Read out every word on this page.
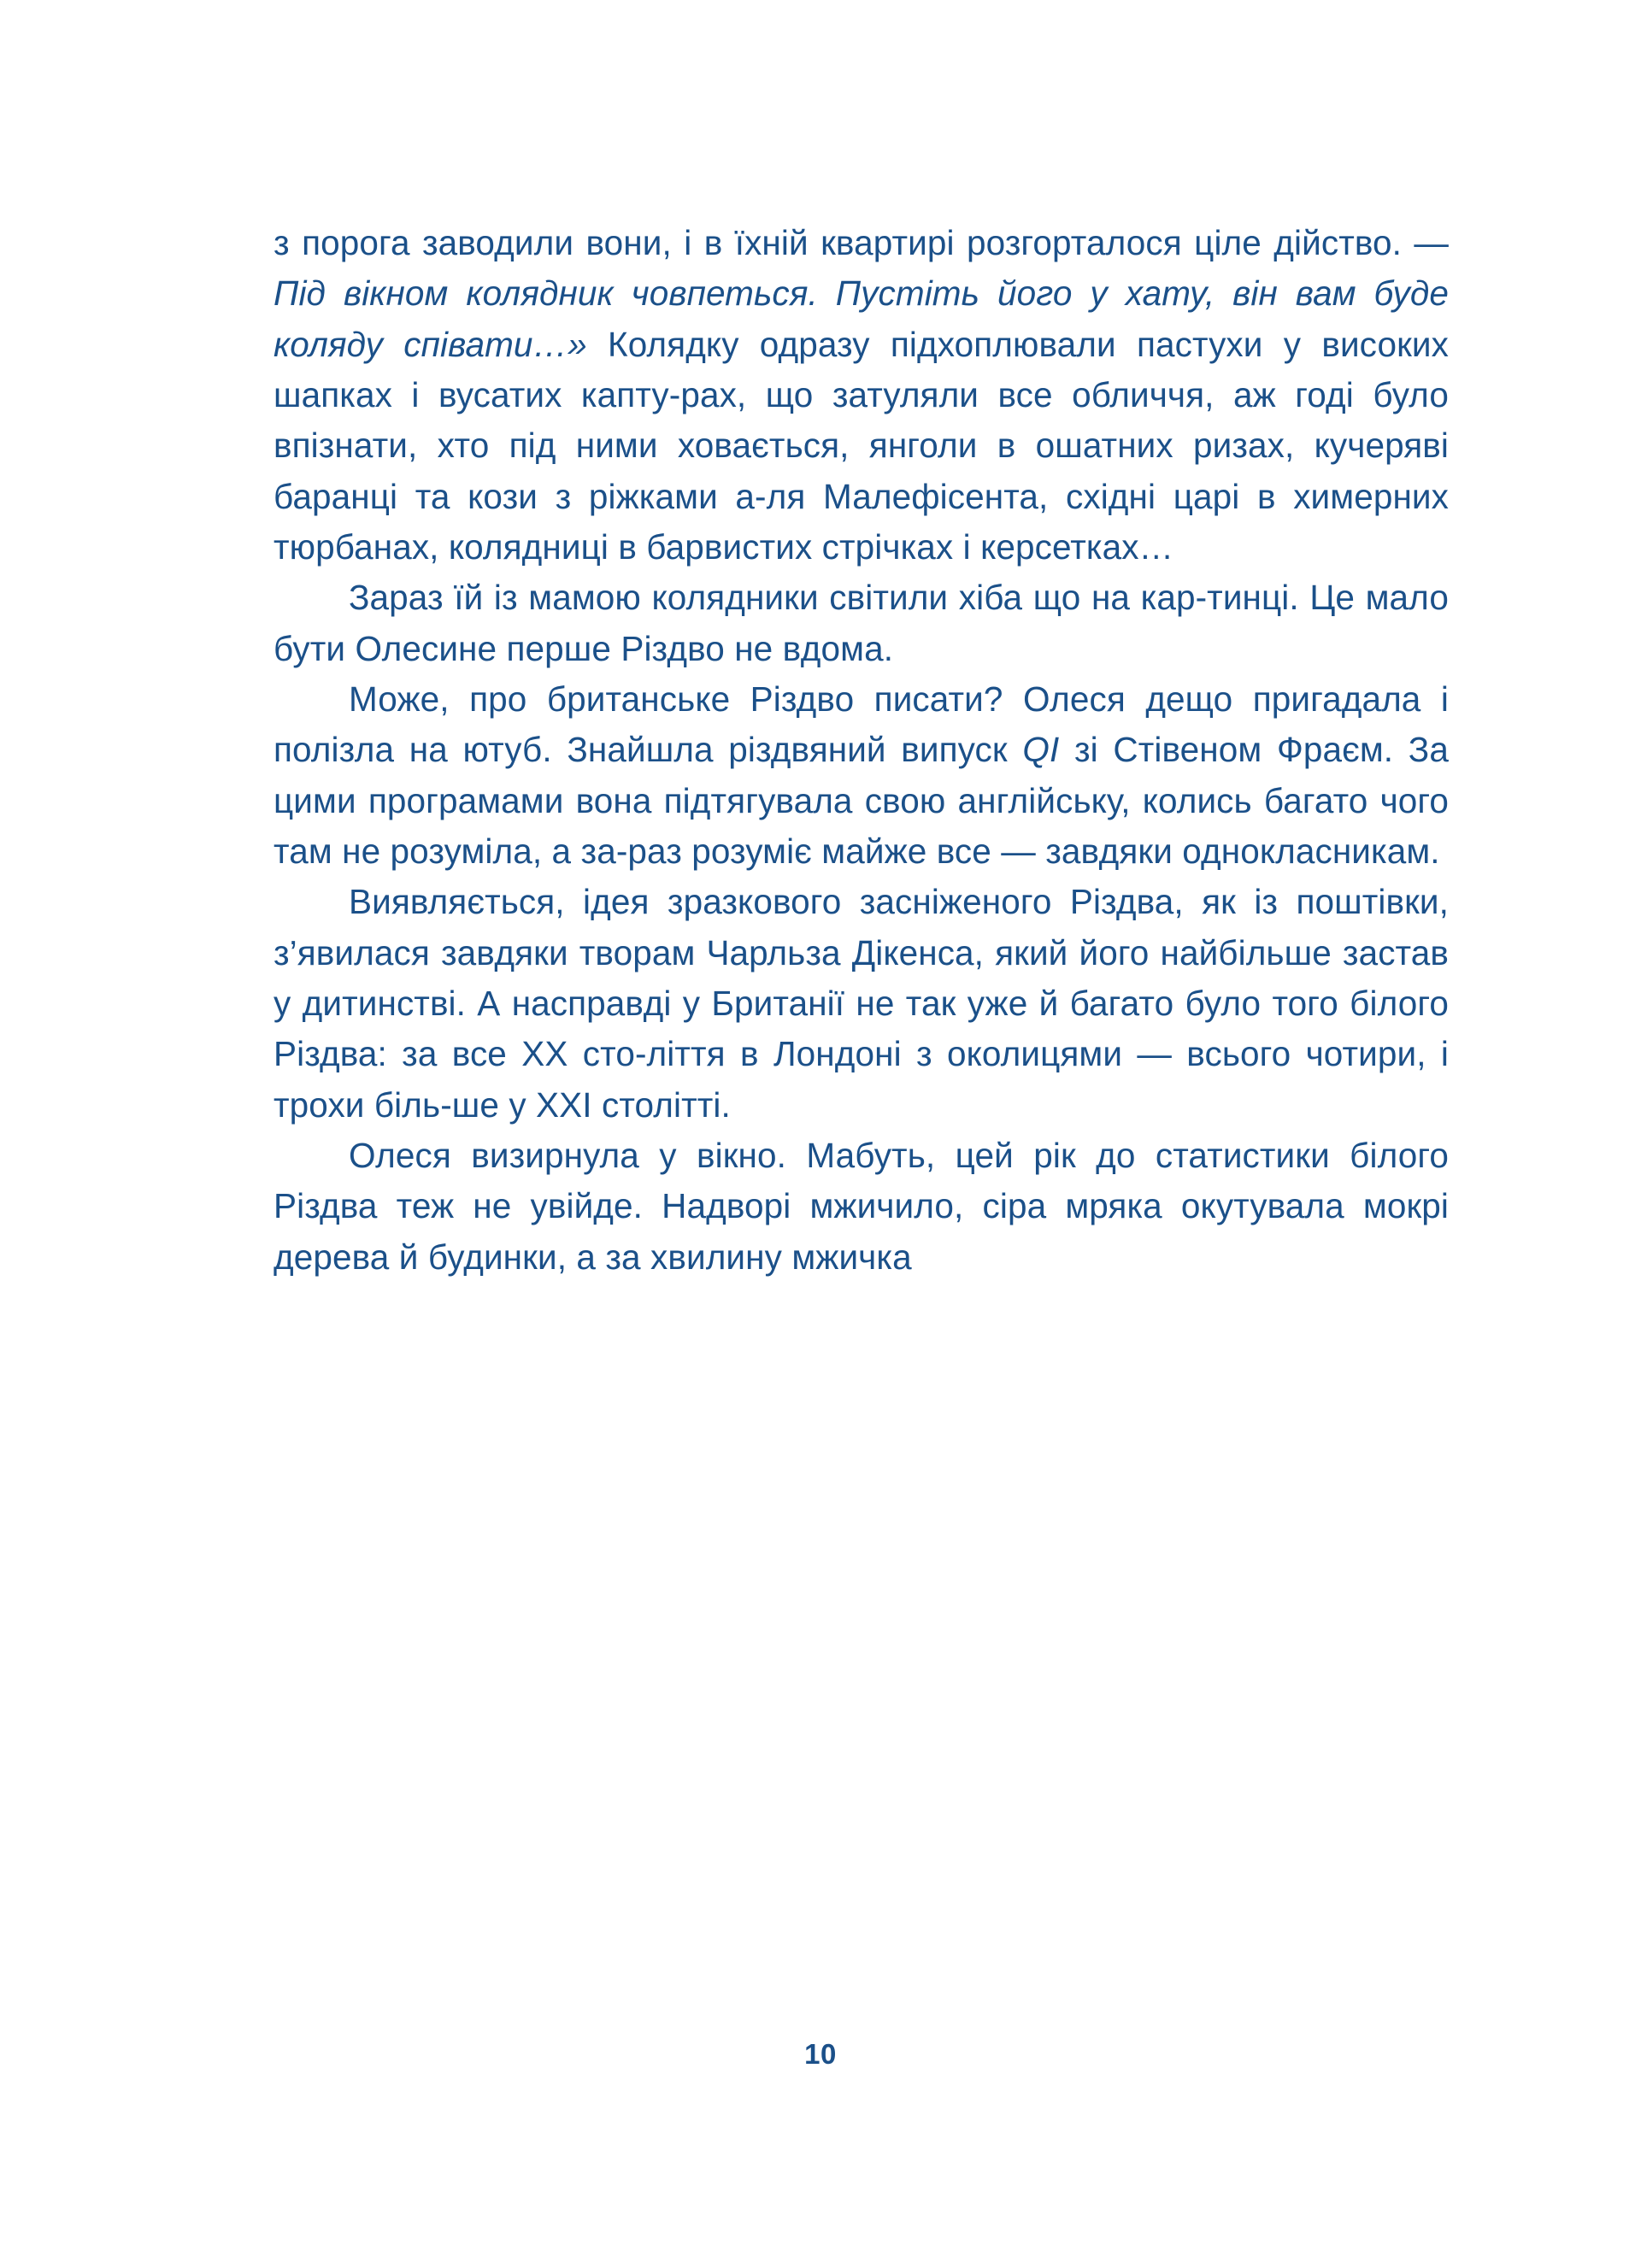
з порога заводили вони, і в їхній квартирі розгорталося ціле дійство. — Під вікном колядник човпеться. Пустіть його у хату, він вам буде коляду співати…» Колядку одразу підхоплювали пастухи у високих шапках і вусатих капту-рах, що затуляли все обличчя, аж годі було впізнати, хто під ними ховається, янголи в ошатних ризах, кучеряві баранці та кози з ріжками а-ля Малефісента, східні царі в химерних тюрбанах, колядниці в барвистих стрічках і керсетках…

Зараз їй із мамою колядники світили хіба що на кар-тинці. Це мало бути Олесине перше Різдво не вдома.

Може, про британське Різдво писати? Олеся дещо пригадала і полізла на ютуб. Знайшла різдвяний випуск QI зі Стівеном Фраєм. За цими програмами вона підтягувала свою англійську, колись багато чого там не розуміла, а за-раз розуміє майже все — завдяки однокласникам.

Виявляється, ідея зразкового засніженого Різдва, як із поштівки, з’явилася завдяки творам Чарльза Дікенса, який його найбільше застав у дитинстві. А насправді у Британії не так уже й багато було того білого Різдва: за все XX сто-ліття в Лондоні з околицями — всього чотири, і трохи біль-ше у XXI столітті.

Олеся визирнула у вікно. Мабуть, цей рік до статистики білого Різдва теж не увійде. Надворі мжичило, сіра мряка окутувала мокрі дерева й будинки, а за хвилину мжичка

10
